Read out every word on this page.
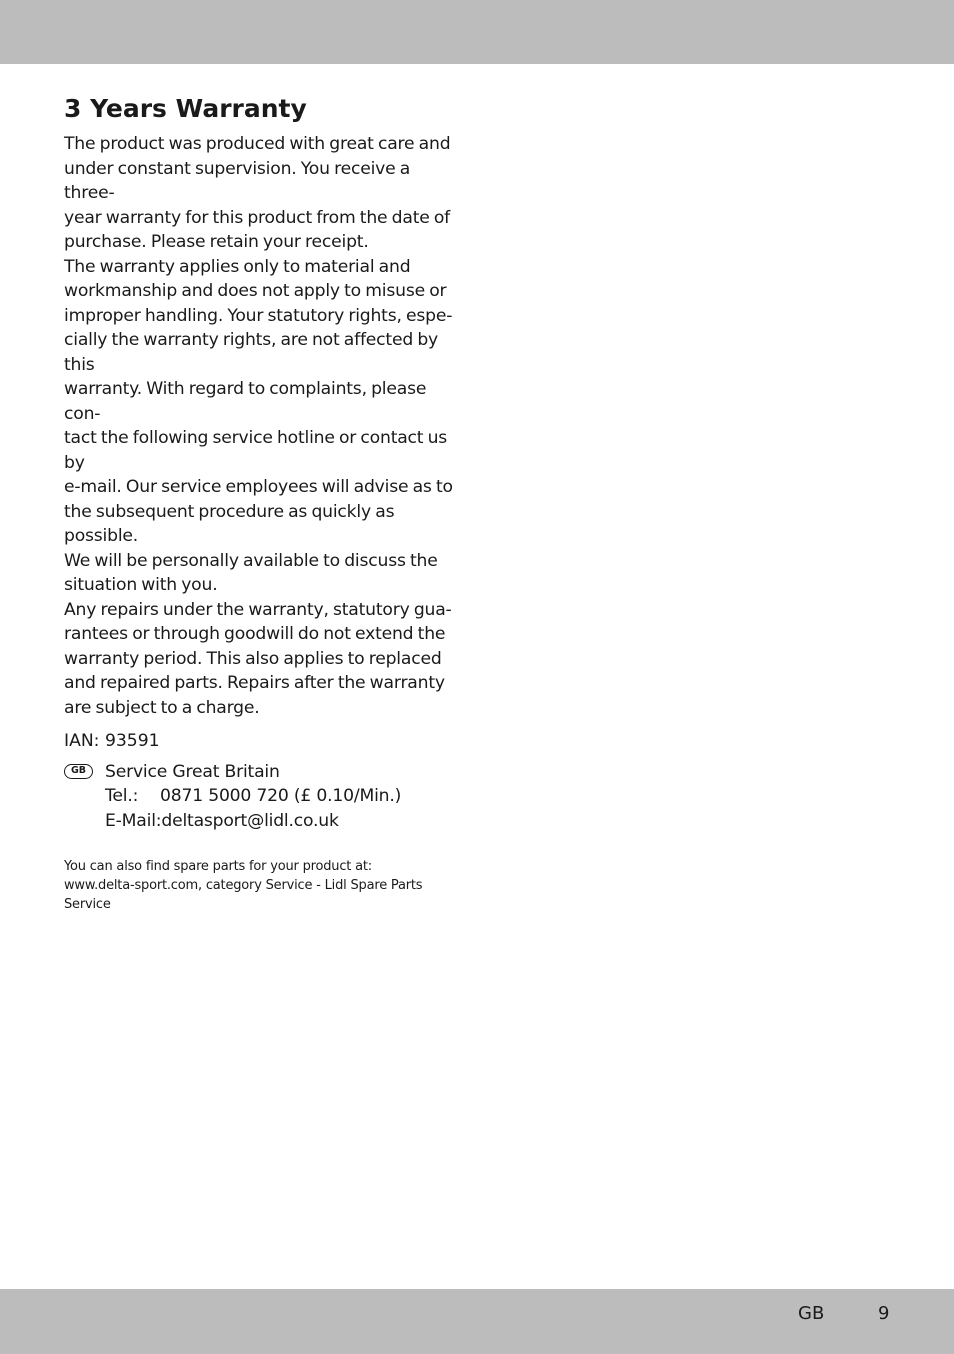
3 Years Warranty

The product was produced with great care and
under constant supervision. You receive a three-
year warranty for this product from the date of
purchase. Please retain your receipt.

The warranty applies only to material and
workmanship and does not apply to misuse or
improper handling. Your statutory rights, espe-
cially the warranty rights, are not affected by this
warranty. With regard to complaints, please con-
tact the following service hotline or contact us by
e-mail. Our service employees will advise as to
the subsequent procedure as quickly as possible.
We will be personally available to discuss the
situation with you.

Any repairs under the warranty, statutory gua-
rantees or through goodwill do not extend the
warranty period. This also applies to replaced
and repaired parts. Repairs after the warranty
are subject to a charge.

IAN: 93591

GB	Service Great Britain
Tel.: 0871 5000 720 (£ 0.10/Min.)
E-Mail:deltasport@lidl.co.uk
You can also find spare parts for your product at:
www.delta-sport.com, category Service - Lidl Spare Parts
Service
GB	9
